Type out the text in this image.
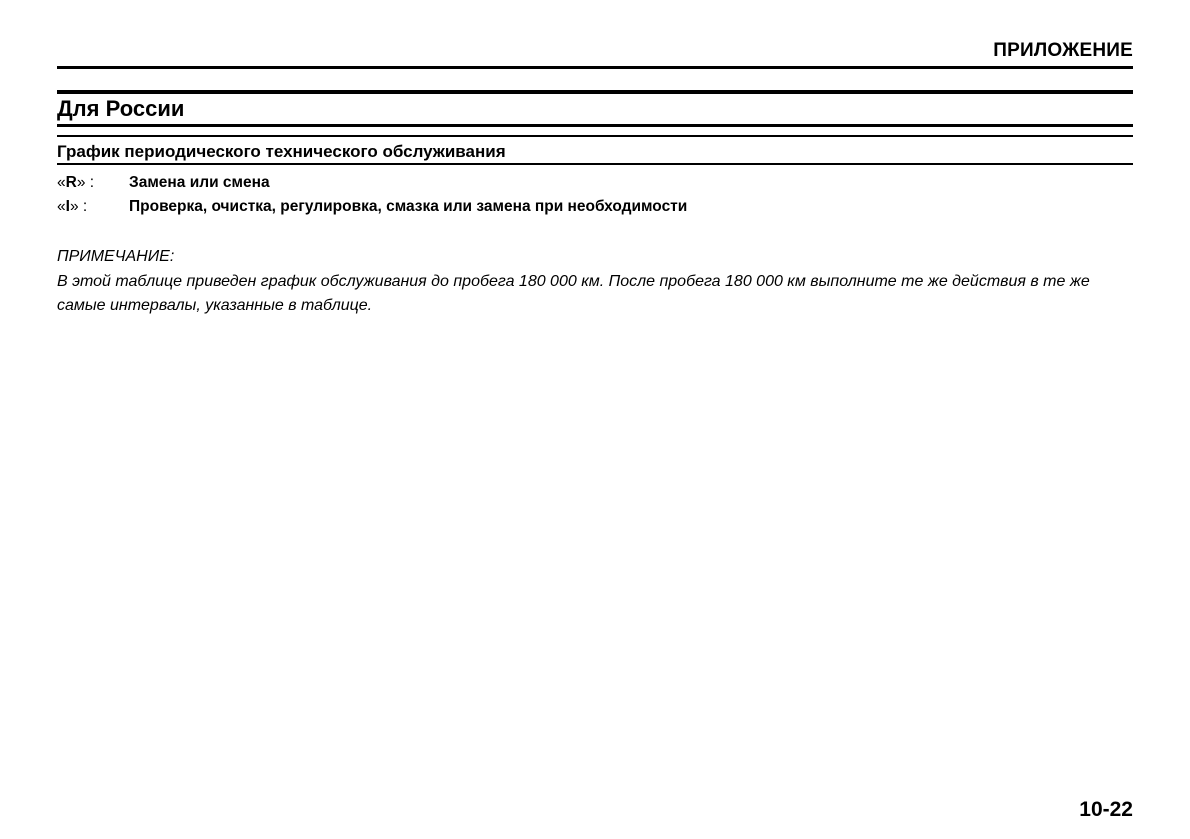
ПРИЛОЖЕНИЕ
Для России
График периодического технического обслуживания
«R» : Замена или смена
«I» :	Проверка, очистка, регулировка, смазка или замена при необходимости
ПРИМЕЧАНИЕ:
В этой таблице приведен график обслуживания до пробега 180 000 км. После пробега 180 000 км выполните те же действия в те же самые интервалы, указанные в таблице.
10-22
